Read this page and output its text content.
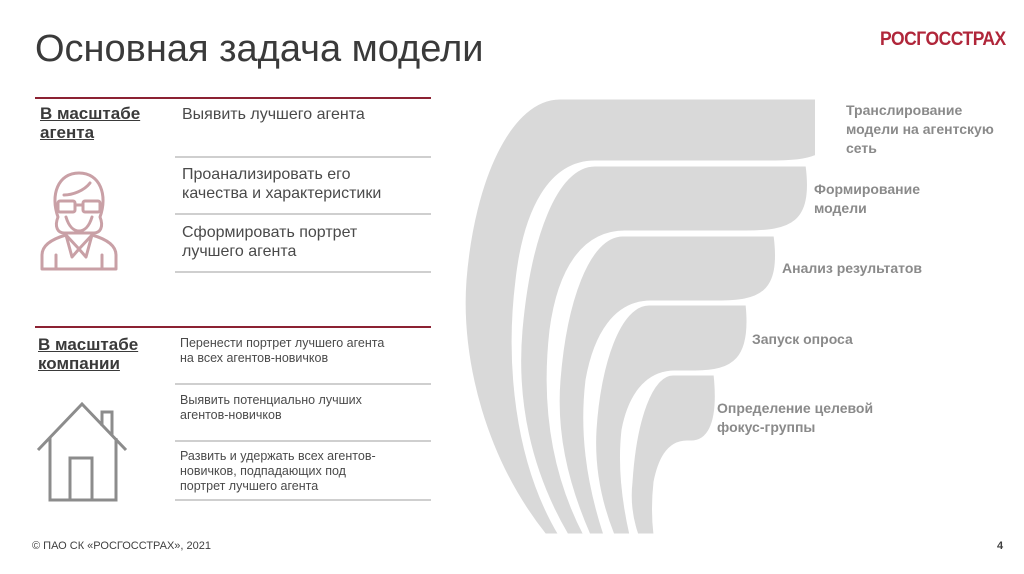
Основная задача модели	РОСГОССТРАХ
В масштабе
агента
Выявить лучшего агента
Проанализировать его
качества и характеристики
Сформировать портрет
лучшего агента
В масштабе
компании
Перенести портрет лучшего агента
на всех агентов-новичков
Выявить потенциально лучших
агентов-новичков
Развить и удержать всех агентов-
новичков, подпадающих под
портрет лучшего агента
Транслирование
модели на агентскую
сеть
Формирование
модели
Анализ результатов
Запуск опроса
Определение целевой
фокус-группы
© ПАО СК «РОСГОССТРАХ», 2021	4
